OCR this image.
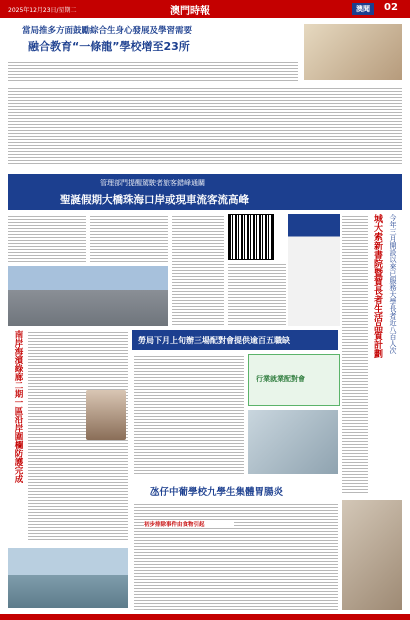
2025年12月23日/星期二	澳門時報	澳聞	02
當局推多方面鼓勵綜合生身心發展及學習需要
融合教育“一條龍”學校增至23所
管理部門提醒駕駛者旅客錯峰通關
聖誕假期大橋珠海口岸或現車流客流高峰
今年三月開設以來已服務大學長者近八百人次
城大索新書院暨賀長者生活品質計劃
南岸海濱綠廊二期一區沿岸圍欄防護完成	勞局下月上旬辦三場配對會提供逾百五職缺
行業就業配對會
氹仔中葡學校九學生集體胃腸炎
初步排除事件由食物引起
